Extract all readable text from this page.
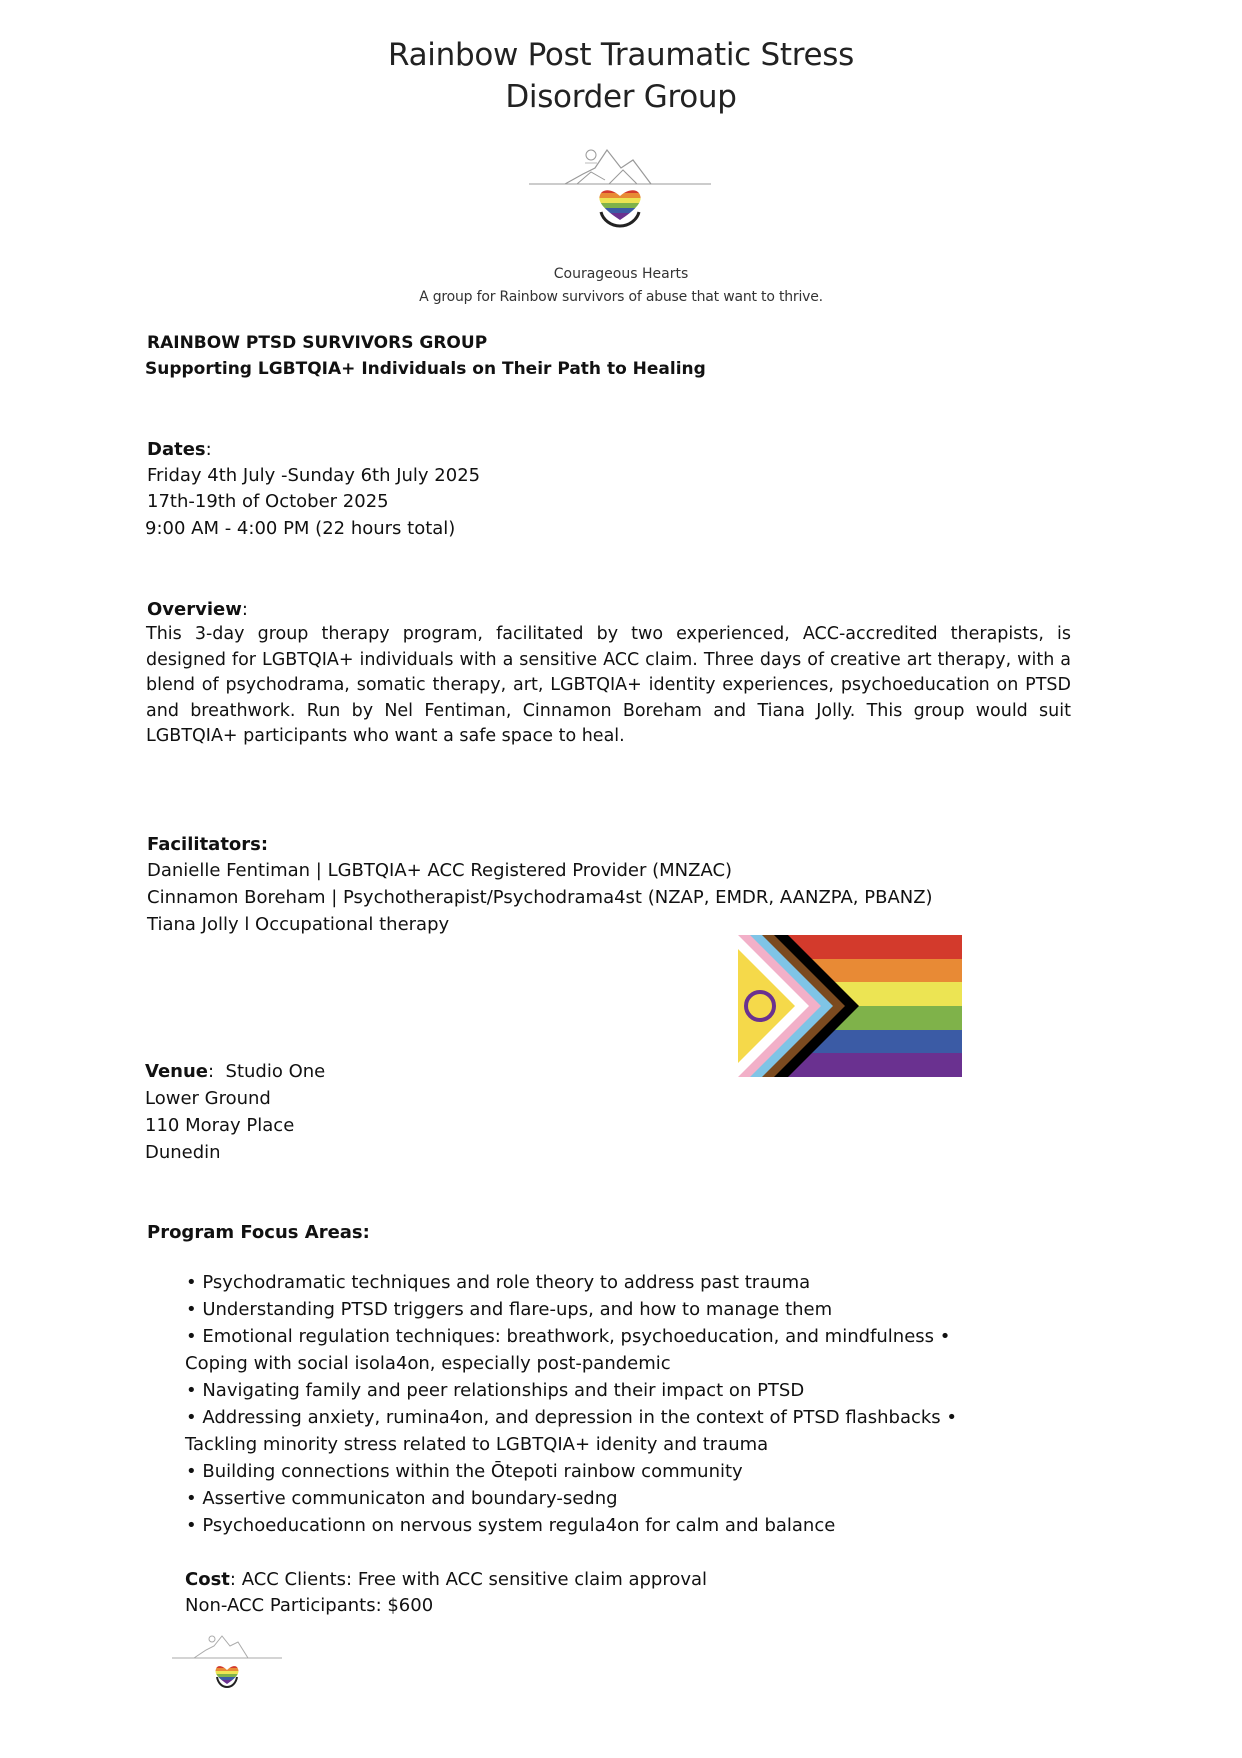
Rainbow Post Traumatic Stress
Disorder Group
Courageous Hearts
A group for Rainbow survivors of abuse that want to thrive.
RAINBOW PTSD SURVIVORS GROUP
Supporting LGBTQIA+ Individuals on Their Path to Healing
Dates:
Friday 4th July -Sunday 6th July 2025
17th-19th of October 2025
9:00 AM - 4:00 PM (22 hours total)
Overview:
This 3-day group therapy program, facilitated by two experienced, ACC-accredited therapists, is designed for LGBTQIA+ individuals with a sensitive ACC claim. Three days of creative art therapy, with a blend of psychodrama, somatic therapy, art, LGBTQIA+ identity experiences, psychoeducation on PTSD and breathwork. Run by Nel Fentiman, Cinnamon Boreham and Tiana Jolly. This group would suit LGBTQIA+ participants who want a safe space to heal.
Facilitators:
Danielle Fentiman | LGBTQIA+ ACC Registered Provider (MNZAC)
Cinnamon Boreham | Psychotherapist/Psychodrama4st (NZAP, EMDR, AANZPA, PBANZ)
Tiana Jolly l Occupational therapy
Venue:  Studio One
Lower Ground
110 Moray Place
Dunedin
Program Focus Areas:
• Psychodramatic techniques and role theory to address past trauma
• Understanding PTSD triggers and flare-ups, and how to manage them
• Emotional regulation techniques: breathwork, psychoeducation, and mindfulness •
Coping with social isola4on, especially post-pandemic
• Navigating family and peer relationships and their impact on PTSD
• Addressing anxiety, rumina4on, and depression in the context of PTSD flashbacks •
Tackling minority stress related to LGBTQIA+ idenity and trauma
• Building connections within the Ōtepoti rainbow community
• Assertive communicaton and boundary-sedng
• Psychoeducationn on nervous system regula4on for calm and balance
Cost: ACC Clients: Free with ACC sensitive claim approval
Non-ACC Participants: $600
